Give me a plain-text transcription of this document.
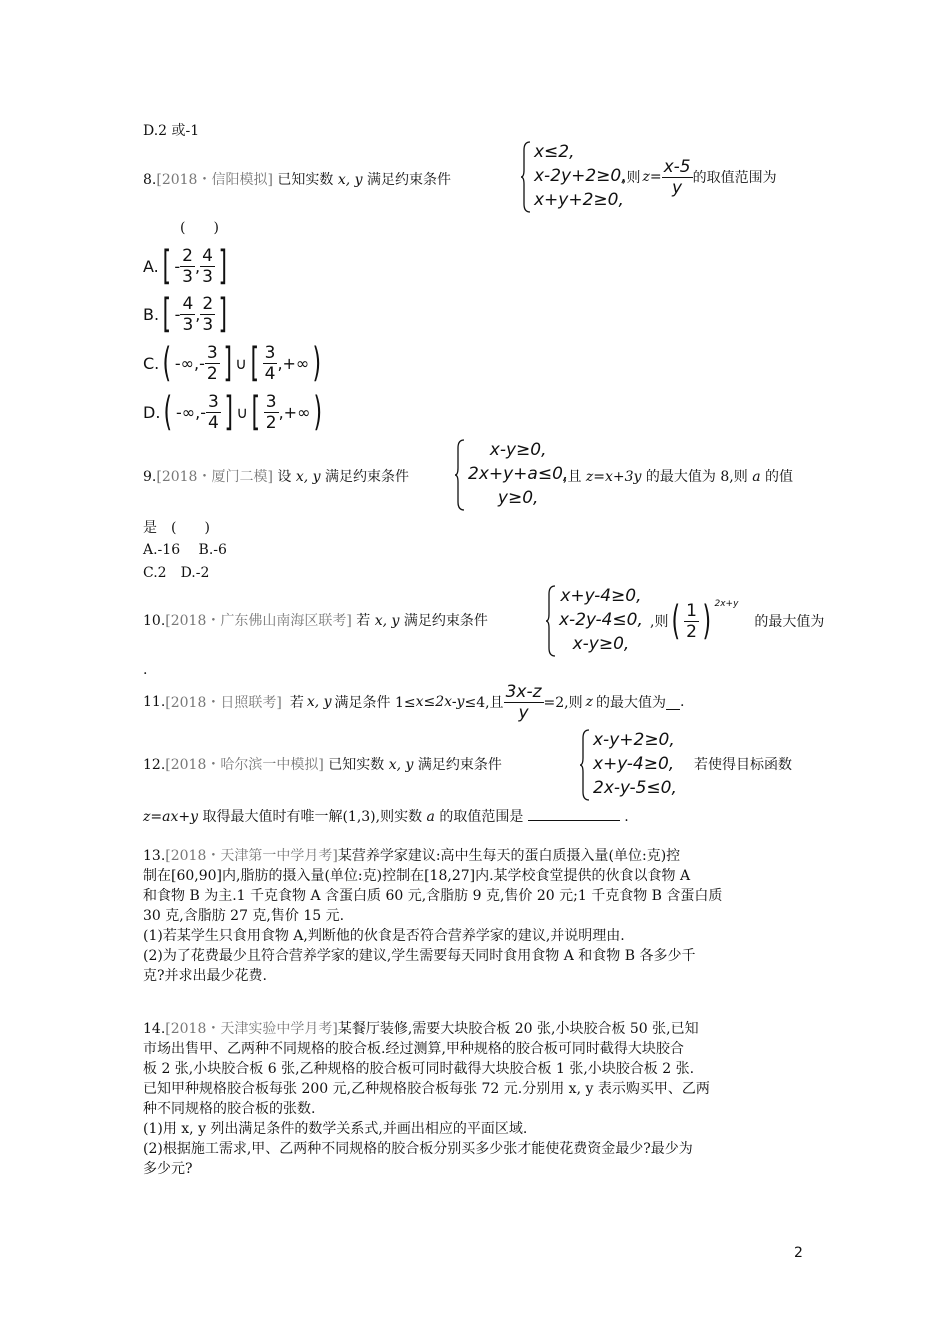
D.2 或-1
8.[2018・信阳模拟] 已知实数 x, y 满足约束条件
x≤2,
x-2y+2≥0,
x+y+2≥0,
,则 $z= \frac{x-5}{y}$ 的取值范围为
(　　)
A. [ - $\frac{2}{3}$ , $\frac{4}{3}$ ]
B. [ - $\frac{4}{3}$ , $\frac{2}{3}$ ]
C. ( -∞,- $\frac{3}{2}$ ] ∪ [ $\frac{3}{4}$ ,+∞ )
D. ( -∞,- $\frac{3}{4}$ ] ∪ [ $\frac{3}{2}$ ,+∞ )
9.[2018・厦门二模] 设 x, y 满足约束条件
x-y≥0,
2x+y+a≤0,
y≥0,
,且 z=x+3y 的最大值为 8,则 a 的值
是　(　　)
A.-16　 B.-6
C.2　D.-2
10.[2018・广东佛山南海区联考] 若 x, y 满足约束条件
x+y-4≥0,
x-2y-4≤0,
x-y≥0,
,则 ( $\frac{1}{2}$ ) 2x+y
的最大值为
.
11. [2018・日照联考] 若 x, y 满足条件 1≤ x≤2x-y ≤4,且 $\frac{3x-z}{y} =2$,则 z 的最大值为 .
12.[2018・哈尔滨一中模拟] 已知实数 x, y 满足约束条件
x-y+2≥0,
x+y-4≥0,
2x-y-5≤0,
若使得目标函数
z=ax+y 取得最大值时有唯一解(1,3),则实数 a 的取值范围是	.
13.[2018・天津第一中学月考]某营养学家建议:高中生每天的蛋白质摄入量(单位:克)控
制在[60,90]内,脂肪的摄入量(单位:克)控制在[18,27]内.某学校食堂提供的伙食以食物 A
和食物 B 为主.1 千克食物 A 含蛋白质 60 元,含脂肪 9 克,售价 20 元;1 千克食物 B 含蛋白质
30 克,含脂肪 27 克,售价 15 元.
(1)若某学生只食用食物 A,判断他的伙食是否符合营养学家的建议,并说明理由.
(2)为了花费最少且符合营养学家的建议,学生需要每天同时食用食物 A 和食物 B 各多少千
克?并求出最少花费.
14.[2018・天津实验中学月考]某餐厅装修,需要大块胶合板 20 张,小块胶合板 50 张,已知
市场出售甲、乙两种不同规格的胶合板.经过测算,甲种规格的胶合板可同时截得大块胶合
板 2 张,小块胶合板 6 张,乙种规格的胶合板可同时截得大块胶合板 1 张,小块胶合板 2 张.
已知甲种规格胶合板每张 200 元,乙种规格胶合板每张 72 元.分别用 x, y 表示购买甲、乙两
种不同规格的胶合板的张数.
(1)用 x, y 列出满足条件的数学关系式,并画出相应的平面区域.
(2)根据施工需求,甲、乙两种不同规格的胶合板分别买多少张才能使花费资金最少?最少为
多少元?
2
